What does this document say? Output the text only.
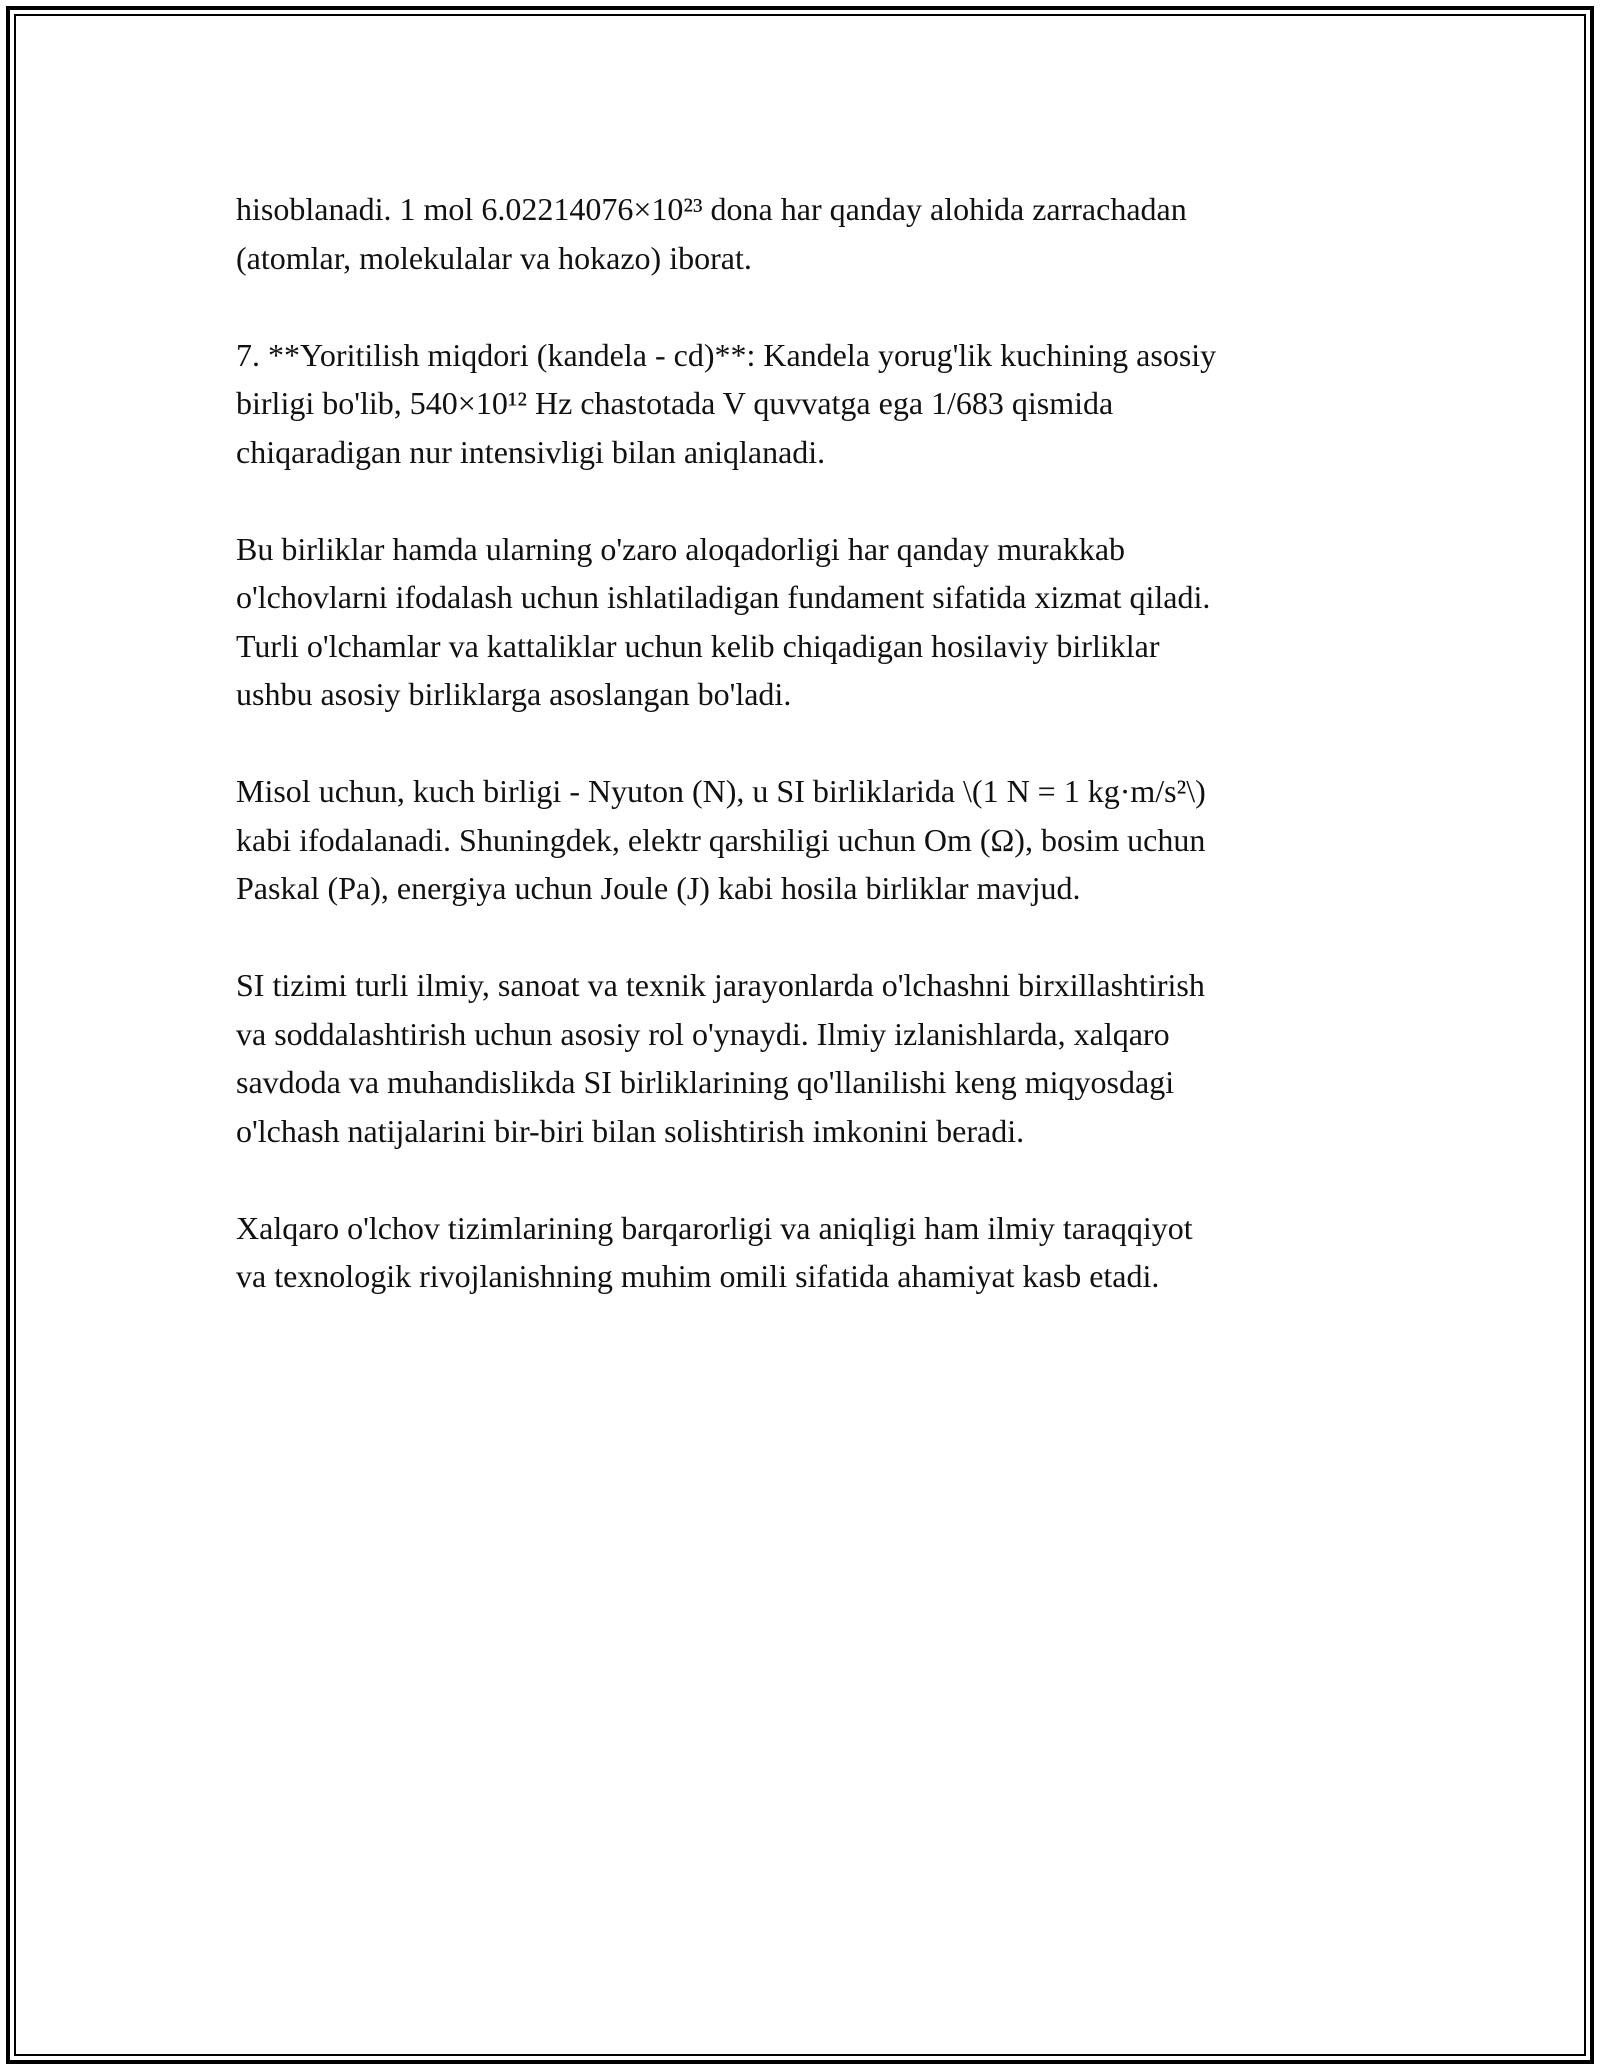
hisoblanadi. 1 mol 6.02214076×10²³ dona har qanday alohida zarrachadan
(atomlar, molekulalar va hokazo) iborat.

7. **Yoritilish miqdori (kandela - cd)**: Kandela yorug'lik kuchining asosiy
birligi bo'lib, 540×10¹² Hz chastotada V quvvatga ega 1/683 qismida
chiqaradigan nur intensivligi bilan aniqlanadi.

Bu birliklar hamda ularning o'zaro aloqadorligi har qanday murakkab
o'lchovlarni ifodalash uchun ishlatiladigan fundament sifatida xizmat qiladi.
Turli o'lchamlar va kattaliklar uchun kelib chiqadigan hosilaviy birliklar
ushbu asosiy birliklarga asoslangan bo'ladi.

Misol uchun, kuch birligi - Nyuton (N), u SI birliklarida \(1 N = 1 kg·m/s²\)
kabi ifodalanadi. Shuningdek, elektr qarshiligi uchun Om (Ω), bosim uchun
Paskal (Pa), energiya uchun Joule (J) kabi hosila birliklar mavjud.

SI tizimi turli ilmiy, sanoat va texnik jarayonlarda o'lchashni birxillashtirish
va soddalashtirish uchun asosiy rol o'ynaydi. Ilmiy izlanishlarda, xalqaro
savdoda va muhandislikda SI birliklarining qo'llanilishi keng miqyosdagi
o'lchash natijalarini bir-biri bilan solishtirish imkonini beradi.

Xalqaro o'lchov tizimlarining barqarorligi va aniqligi ham ilmiy taraqqiyot
va texnologik rivojlanishning muhim omili sifatida ahamiyat kasb etadi.
